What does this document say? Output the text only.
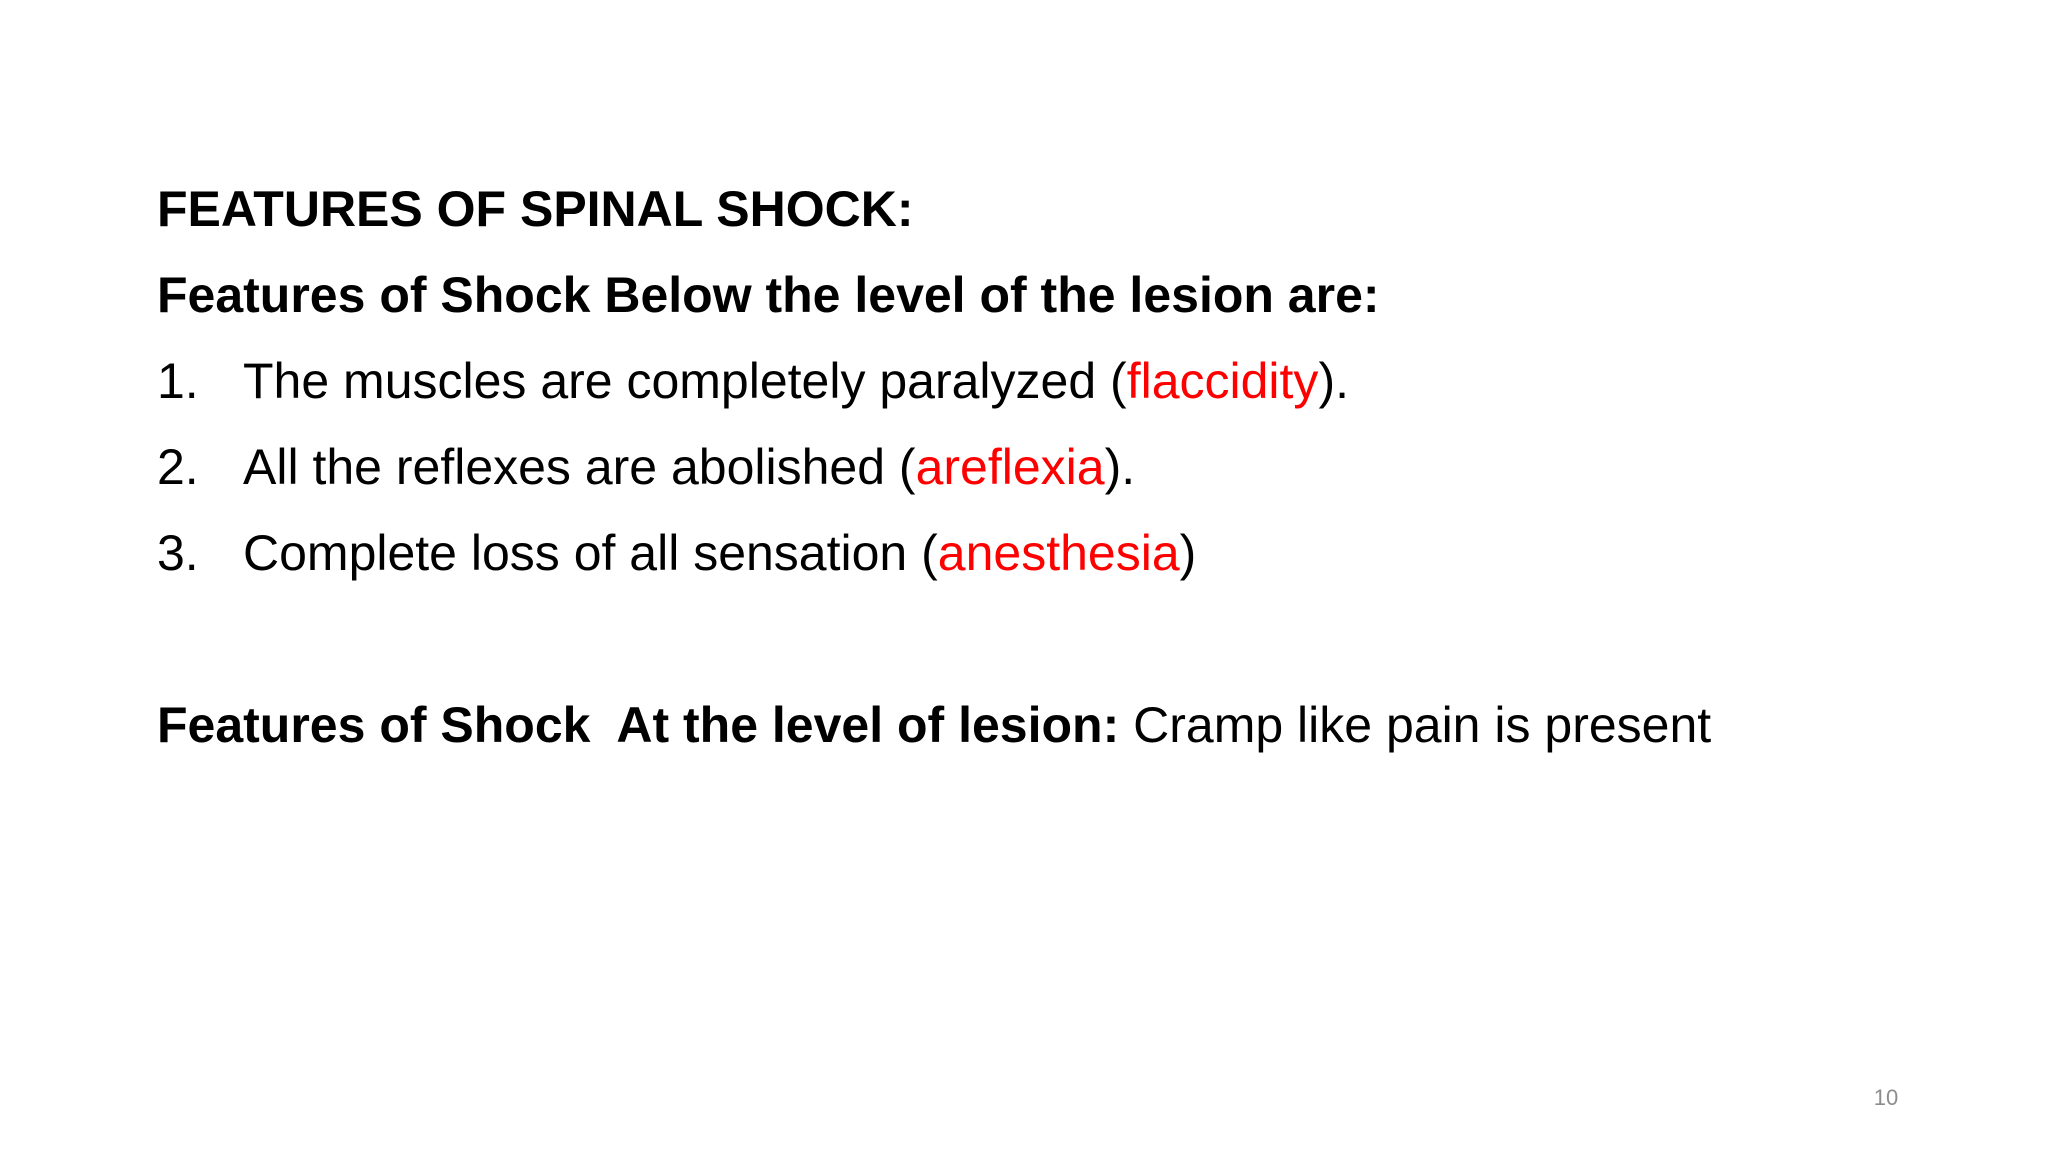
FEATURES OF SPINAL SHOCK:
Features of Shock Below the level of the lesion are:
1. The muscles are completely paralyzed (flaccidity).
2. All the reflexes are abolished (areflexia).
3. Complete loss of all sensation (anesthesia)
Features of Shock  At the level of lesion: Cramp like pain is present
10
